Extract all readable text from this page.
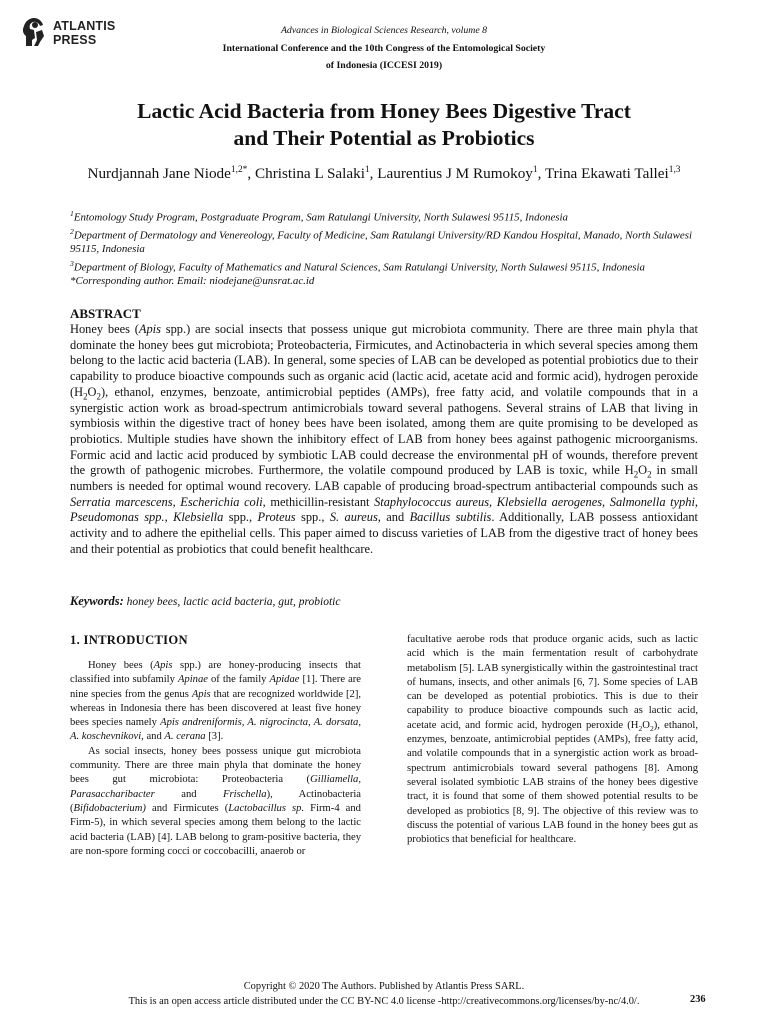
ATLANTIS
PRESS
Advances in Biological Sciences Research, volume 8
International Conference and the 10th Congress of the Entomological Society
of Indonesia (ICCESI 2019)
Lactic Acid Bacteria from Honey Bees Digestive Tract
and Their Potential as Probiotics
Nurdjannah Jane Niode$^{1,2*}$, Christina L Salaki$^1$, Laurentius J M Rumokoy$^1$, Trina Ekawati Tallei$^{1,3}$
$^1$Entomology Study Program, Postgraduate Program, Sam Ratulangi University, North Sulawesi 95115, Indonesia
$^2$Department of Dermatology and Venereology, Faculty of Medicine, Sam Ratulangi University/RD Kandou Hospital, Manado, North Sulawesi 95115, Indonesia
$^3$Department of Biology, Faculty of Mathematics and Natural Sciences, Sam Ratulangi University, North Sulawesi 95115, Indonesia
*Corresponding author. Email: niodejane@unsrat.ac.id
ABSTRACT
Honey bees (Apis spp.) are social insects that possess unique gut microbiota community. There are three main phyla that dominate the honey bees gut microbiota; Proteobacteria, Firmicutes, and Actinobacteria in which several species among them belong to the lactic acid bacteria (LAB). In general, some species of LAB can be developed as potential probiotics due to their capability to produce bioactive compounds such as organic acid (lactic acid, acetate acid and formic acid), hydrogen peroxide $(H_2O_2)$, ethanol, enzymes, benzoate, antimicrobial peptides (AMPs), free fatty acid, and volatile compounds that in a synergistic action work as broad-spectrum antimicrobials toward several pathogens. Several strains of LAB that living in symbiosis within the digestive tract of honey bees have been isolated, among them are quite promising to be developed as probiotics. Multiple studies have shown the inhibitory effect of LAB from honey bees against pathogenic microorganisms. Formic acid and lactic acid produced by symbiotic LAB could decrease the environmental pH of wounds, therefore prevent the growth of pathogenic microbes. Furthermore, the volatile compound produced by LAB is toxic, while $H_2O_2$ in small numbers is needed for optimal wound recovery. LAB capable of producing broad-spectrum antibacterial compounds such as Serratia marcescens, Escherichia coli, methicillin-resistant Staphylococcus aureus, Klebsiella aerogenes, Salmonella typhi, Pseudomonas spp., Klebsiella spp., Proteus spp., S. aureus, and Bacillus subtilis. Additionally, LAB possess antioxidant activity and to adhere the epithelial cells. This paper aimed to discuss varieties of LAB from the digestive tract of honey bees and their potential as probiotics that could benefit healthcare.
Keywords: honey bees, lactic acid bacteria, gut, probiotic
1. INTRODUCTION
Honey bees (Apis spp.) are honey-producing insects that classified into subfamily Apinae of the family Apidae [1]. There are nine species from the genus Apis that are recognized worldwide [2], whereas in Indonesia there has been discovered at least five honey bees species namely Apis andreniformis, A. nigrocincta, A. dorsata, A. koschevnikovi, and A. cerana [3].
As social insects, honey bees possess unique gut microbiota community. There are three main phyla that dominate the honey bees gut microbiota: Proteobacteria (Gilliamella, Parasaccharibacter and Frischella), Actinobacteria (Bifidobacterium) and Firmicutes (Lactobacillus sp. Firm-4 and Firm-5), in which several species among them belong to the lactic acid bacteria (LAB) [4]. LAB belong to gram-positive bacteria, they are non-spore forming cocci or coccobacilli, anaerob or
facultative aerobe rods that produce organic acids, such as lactic acid which is the main fermentation result of carbohydrate metabolism [5]. LAB synergistically within the gastrointestinal tract of humans, insects, and other animals [6, 7]. Some species of LAB can be developed as potential probiotics. This is due to their capability to produce bioactive compounds such as lactic acid, acetate acid, and formic acid, hydrogen peroxide $(H_2O_2)$, ethanol, enzymes, benzoate, antimicrobial peptides (AMPs), free fatty acid, and volatile compounds that in a synergistic action work as broad-spectrum antimicrobials toward several pathogens [8]. Among several isolated symbiotic LAB strains of the honey bees digestive tract, it is found that some of them showed potential results to be developed as probiotics [8, 9]. The objective of this review was to discuss the potential of various LAB found in the honey bees gut as probiotics that beneficial for healthcare.
Copyright © 2020 The Authors. Published by Atlantis Press SARL.
This is an open access article distributed under the CC BY-NC 4.0 license -http://creativecommons.org/licenses/by-nc/4.0/.	236
